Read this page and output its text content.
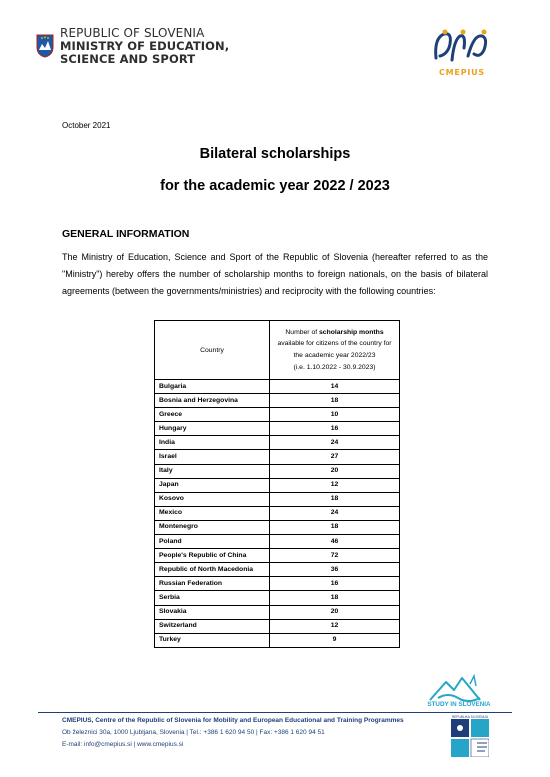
REPUBLIC OF SLOVENIA
MINISTRY OF EDUCATION,
SCIENCE AND SPORT
CMEPIUS
October 2021
Bilateral scholarships
for the academic year 2022 / 2023
GENERAL INFORMATION
The Ministry of Education, Science and Sport of the Republic of Slovenia (hereafter referred to as the "Ministry") hereby offers the number of scholarship months to foreign nationals, on the basis of bilateral agreements (between the governments/ministries) and reciprocity with the following countries:
Country	Number of scholarship months available for citizens of the country for the academic year 2022/23
(i.e. 1.10.2022 - 30.9.2023)
Bulgaria	14
Bosnia and Herzegovina	18
Greece	10
Hungary	16
India	24
Israel	27
Italy	20
Japan	12
Kosovo	18
Mexico	24
Montenegro	18
Poland	46
People's Republic of China	72
Republic of North Macedonia	36
Russian Federation	16
Serbia	18
Slovakia	20
Switzerland	12
Turkey	9
STUDY IN SLOVENIA
CMEPIUS, Centre of the Republic of Slovenia for Mobility and European Educational and Training Programmes
Ob železnici 30a, 1000 Ljubljana, Slovenia | Tel.: +386 1 620 94 50 | Fax: +386 1 620 94 51
E-mail: info@cmepius.si | www.cmepius.si
REPUBLIKA SLOVENIJA
